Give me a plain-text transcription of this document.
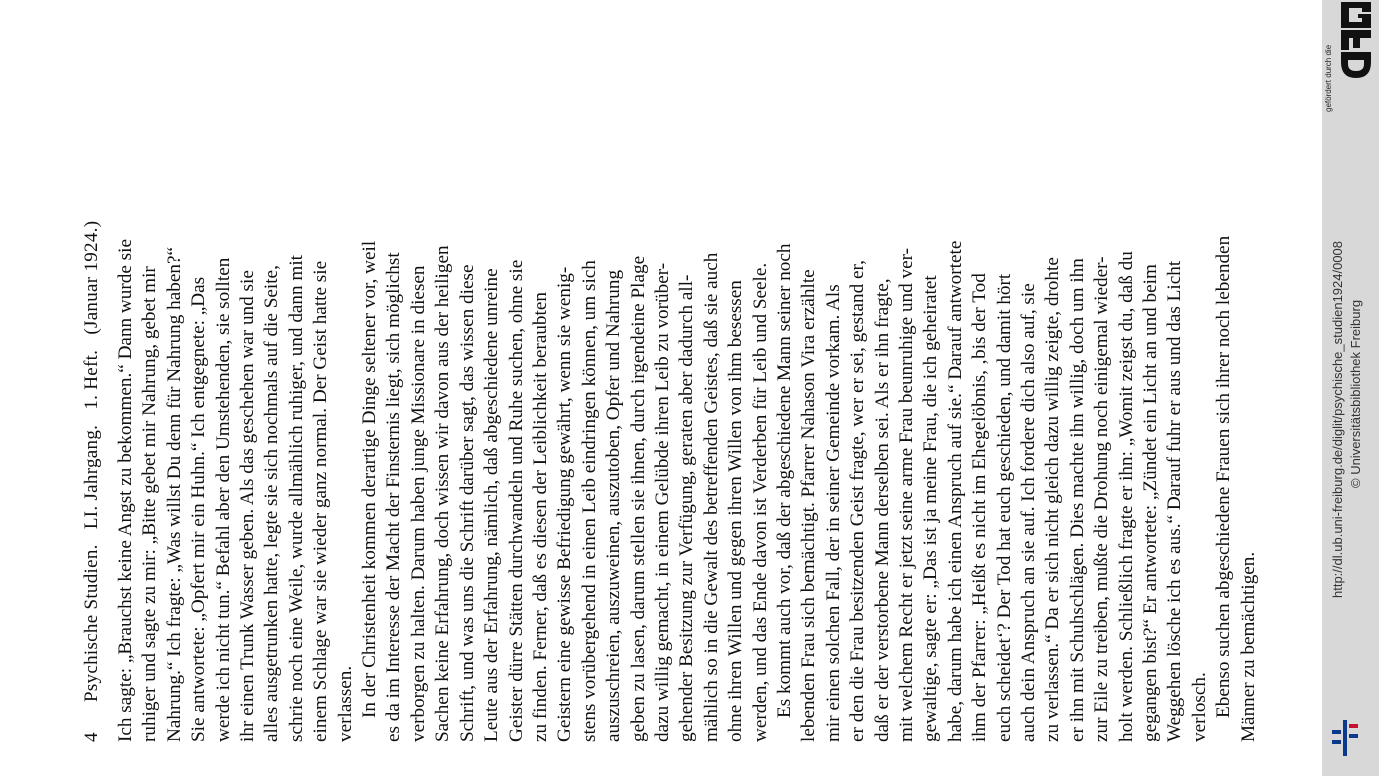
4
Psychische Studien.   LI. Jahrgang.   1. Heft.   (Januar 1924.) Ich sagte: „Brauchst keine Angst zu bekommen.“ Dann wurde sie ruhiger und sagte zu mir: „Bitte gebet mir Nahrung, gebet mir Nahrung.“ Ich fragte: „Was willst Du denn für Nahrung haben?“ Sie antwortete: „Opfert mir ein Huhn.“ Ich entgegnete: „Das werde ich nicht tun.“ Befahl aber den Umstehenden, sie sollten ihr einen Trunk Wasser geben. Als das geschehen war und sie alles ausgetrunken hatte, legte sie sich nochmals auf die Seite, schrie noch eine Weile, wurde allmählich ruhiger, und dann mit einem Schlage war sie wieder ganz normal. Der Geist hatte sie verlassen. In der Christenheit kommen derartige Dinge seltener vor, weil es da im Interesse der Macht der Finsternis liegt, sich möglichst verborgen zu halten. Darum haben junge Missionare in diesen Sachen keine Erfahrung, doch wissen wir davon aus der heiligen Schrift, und was uns die Schrift darüber sagt, das wissen diese Leute aus der Erfahrung, nämlich, daß abgeschiedene unreine Geister dürre Stätten durchwandeln und Ruhe suchen, ohne sie zu finden. Ferner, daß es diesen der Leiblichkeit beraubten Geistern eine gewisse Befriedigung gewährt, wenn sie wenig- stens vorübergehend in einen Leib eindringen können, um sich auszuschreien, auszuweinen, auszutoben, Opfer und Nahrung geben zu lasen, darum stellen sie ihnen, durch irgendeine Plage dazu willig gemacht, in einem Gelübde ihren Leib zu vorüber- gehender Besitzung zur Verfügung, geraten aber dadurch all- mählich so in die Gewalt des betreffenden Geistes, daß sie auch ohne ihren Willen und gegen ihren Willen von ihm besessen werden, und das Ende davon ist Verderben für Leib und Seele. Es kommt auch vor, daß der abgeschiedene Mann seiner noch lebenden Frau sich bemächtigt. Pfarrer Nahason Vira erzählte mir einen solchen Fall, der in seiner Gemeinde vorkam. Als er den die Frau besitzenden Geist fragte, wer er sei, gestand er, daß er der verstorbene Mann derselben sei. Als er ihn fragte, mit welchem Recht er jetzt seine arme Frau beunruhige und ver- gewaltige, sagte er: „Das ist ja meine Frau, die ich geheiratet habe, darum habe ich einen Anspruch auf sie.“ Darauf antwortete ihm der Pfarrer: „Heißt es nicht im Ehegelöbnis, ‚bis der Tod euch scheidet‘? Der Tod hat euch geschieden, und damit hört auch dein Anspruch an sie auf. Ich fordere dich also auf, sie zu verlassen.“ Da er sich nicht gleich dazu willig zeigte, drohte er ihn mit Schuhschlägen. Dies machte ihn willig, doch um ihn zur Eile zu treiben, mußte die Drohung noch einigemal wieder- holt werden. Schließlich fragte er ihn: „Womit zeigst du, daß du gegangen bist?“ Er antwortete: „Zündet ein Licht an und beim Weggehen lösche ich es aus.“ Darauf fuhr er aus und das Licht verlosch. Ebenso suchen abgeschiedene Frauen sich ihrer noch lebenden Männer zu bemächtigen.
gefördert durch die
http://dl.ub.uni-freiburg.de/diglit/psychische_studien1924/0008 © Universitätsbibliothek Freiburg
